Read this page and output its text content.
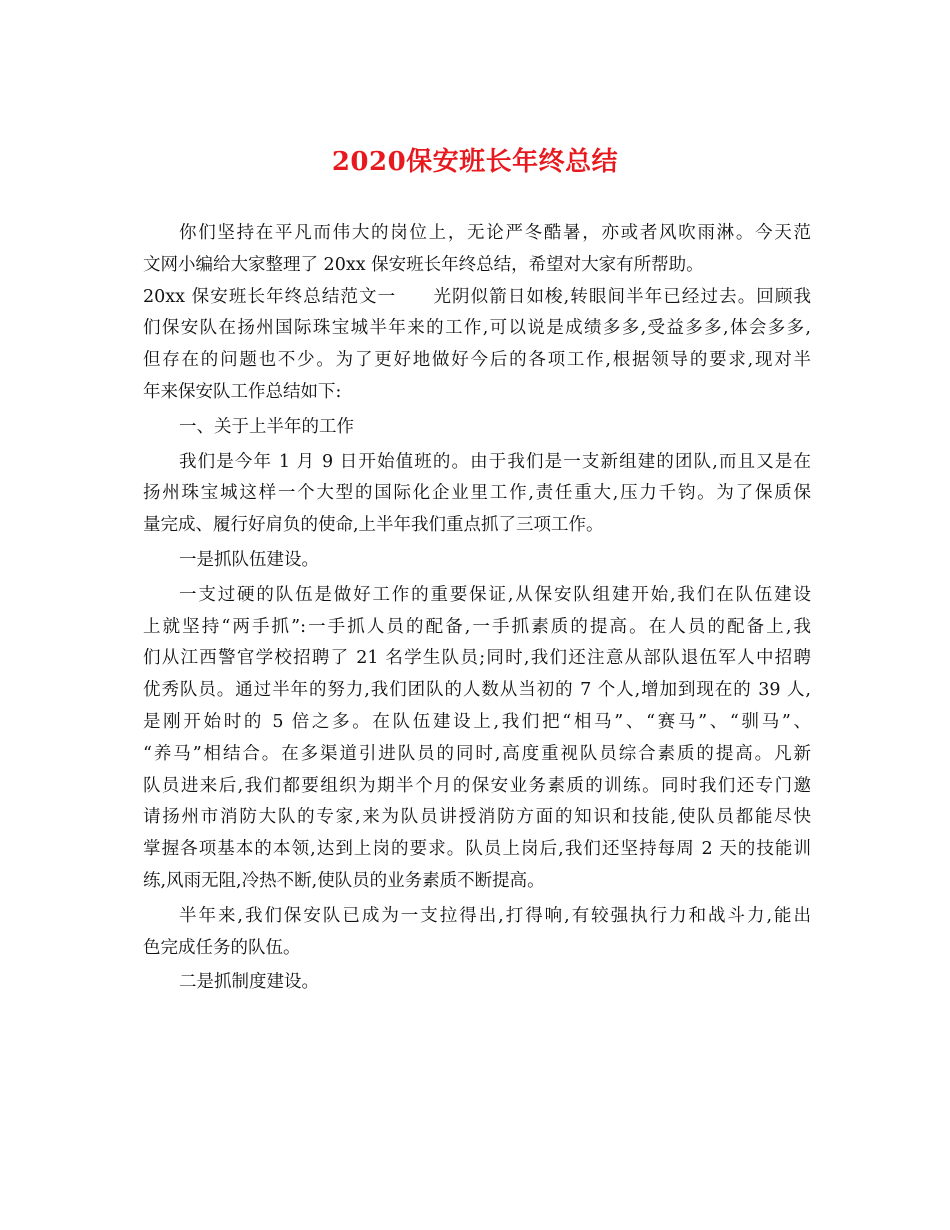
2020保安班长年终总结
你们坚持在平凡而伟大的岗位上，无论严冬酷暑，亦或者风吹雨淋。今天范
文网小编给大家整理了 20xx 保安班长年终总结，希望对大家有所帮助。
20xx 保安班长年终总结范文一　　光阴似箭日如梭,转眼间半年已经过去。回顾我
们保安队在扬州国际珠宝城半年来的工作,可以说是成绩多多,受益多多,体会多多,
但存在的问题也不少。为了更好地做好今后的各项工作,根据领导的要求,现对半
年来保安队工作总结如下:
一、关于上半年的工作
我们是今年 1 月 9 日开始值班的。由于我们是一支新组建的团队,而且又是在
扬州珠宝城这样一个大型的国际化企业里工作,责任重大,压力千钧。为了保质保
量完成、履行好肩负的使命,上半年我们重点抓了三项工作。
一是抓队伍建设。
一支过硬的队伍是做好工作的重要保证,从保安队组建开始,我们在队伍建设
上就坚持“两手抓”:一手抓人员的配备,一手抓素质的提高。在人员的配备上,我
们从江西警官学校招聘了 21 名学生队员;同时,我们还注意从部队退伍军人中招聘
优秀队员。通过半年的努力,我们团队的人数从当初的 7 个人,增加到现在的 39 人,
是刚开始时的 5 倍之多。在队伍建设上,我们把“相马”、“赛马”、“驯马”、
“养马”相结合。在多渠道引进队员的同时,高度重视队员综合素质的提高。凡新
队员进来后,我们都要组织为期半个月的保安业务素质的训练。同时我们还专门邀
请扬州市消防大队的专家,来为队员讲授消防方面的知识和技能,使队员都能尽快
掌握各项基本的本领,达到上岗的要求。队员上岗后,我们还坚持每周 2 天的技能训
练,风雨无阻,冷热不断,使队员的业务素质不断提高。
半年来,我们保安队已成为一支拉得出,打得响,有较强执行力和战斗力,能出
色完成任务的队伍。
二是抓制度建设。
